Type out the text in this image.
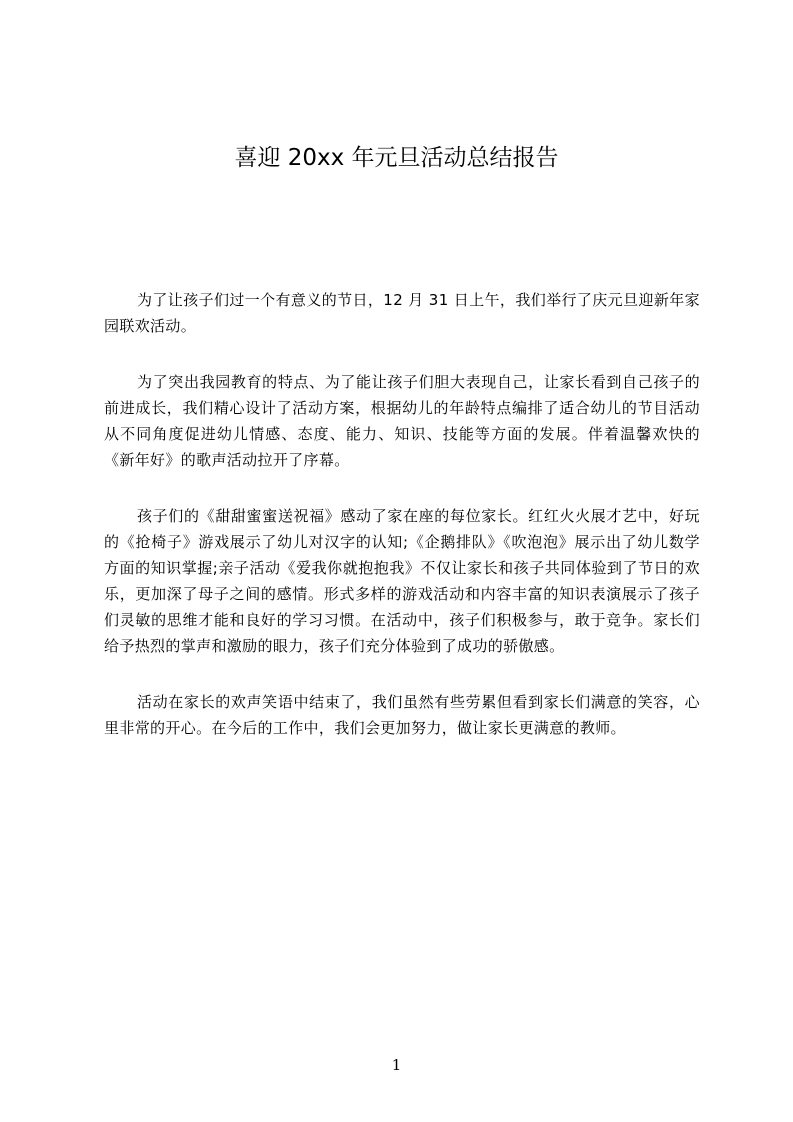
喜迎 20xx 年元旦活动总结报告

为了让孩子们过一个有意义的节日，12 月 31 日上午，我们举行了庆元旦迎新年家园联欢活动。

为了突出我园教育的特点、为了能让孩子们胆大表现自己，让家长看到自己孩子的前进成长，我们精心设计了活动方案，根据幼儿的年龄特点编排了适合幼儿的节目活动从不同角度促进幼儿情感、态度、能力、知识、技能等方面的发展。伴着温馨欢快的《新年好》的歌声活动拉开了序幕。

孩子们的《甜甜蜜蜜送祝福》感动了家在座的每位家长。红红火火展才艺中，好玩的《抢椅子》游戏展示了幼儿对汉字的认知;《企鹅排队》《吹泡泡》展示出了幼儿数学方面的知识掌握;亲子活动《爱我你就抱抱我》不仅让家长和孩子共同体验到了节日的欢乐，更加深了母子之间的感情。形式多样的游戏活动和内容丰富的知识表演展示了孩子们灵敏的思维才能和良好的学习习惯。在活动中，孩子们积极参与，敢于竞争。家长们给予热烈的掌声和激励的眼力，孩子们充分体验到了成功的骄傲感。

活动在家长的欢声笑语中结束了，我们虽然有些劳累但看到家长们满意的笑容，心里非常的开心。在今后的工作中，我们会更加努力，做让家长更满意的教师。

1
